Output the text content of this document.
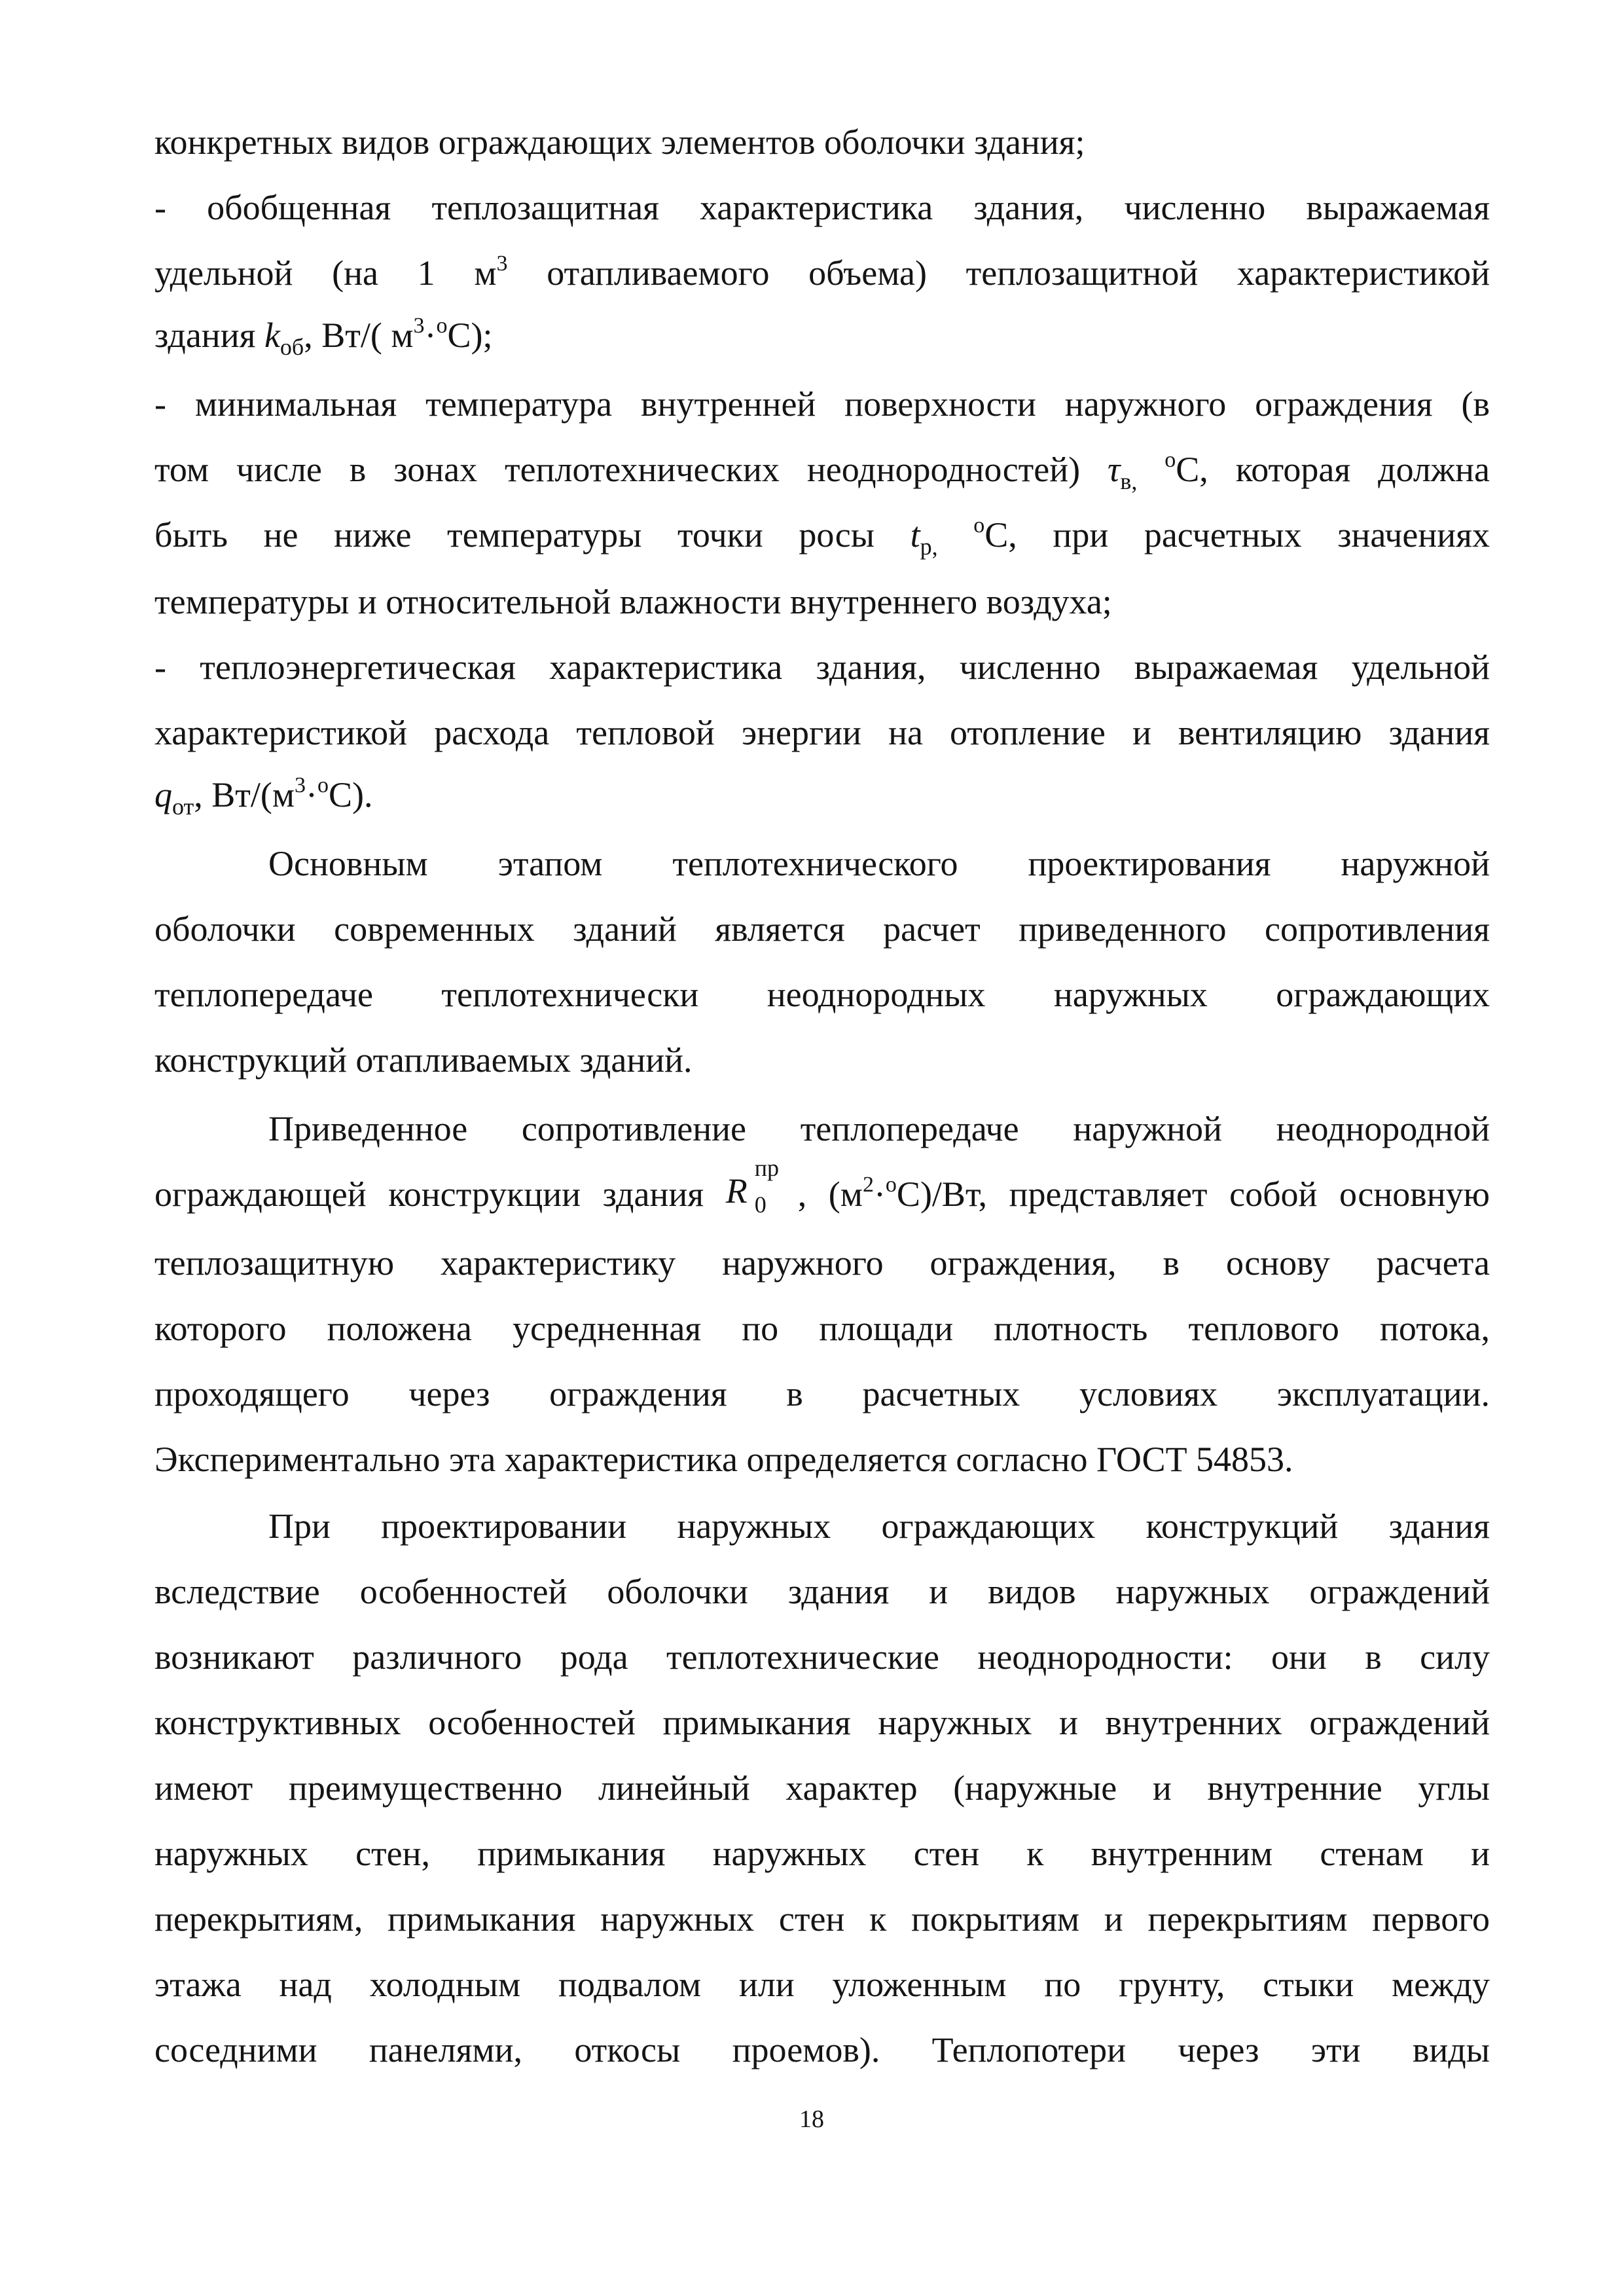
конкретных видов ограждающих элементов оболочки здания;
- обобщенная теплозащитная характеристика здания, численно выражаемая
удельной (на 1 $м^3$ отапливаемого объема) теплозащитной характеристикой
здания $k_{об}$, Вт/( $м^3\cdot^оС$);
- минимальная температура внутренней поверхности наружного ограждения (в
том числе в зонах теплотехнических неоднородностей) $\tau_{в,}$ $^о$С, которая должна
быть не ниже температуры точки росы $t_{р,}$ $^о$С, при расчетных значениях
температуры и относительной влажности внутреннего воздуха;
- теплоэнергетическая характеристика здания, численно выражаемая удельной
характеристикой расхода тепловой энергии на отопление и вентиляцию здания
$q_{от}$, $Вт/(м^3\cdot^оС)$.
Основным этапом теплотехнического проектирования наружной
оболочки современных зданий является расчет приведенного сопротивления
теплопередаче теплотехнически неоднородных наружных ограждающих
конструкций отапливаемых зданий.
Приведенное сопротивление теплопередаче наружной неоднородной
ограждающей конструкции здания R
пр
0 , $(м^2\cdot^оС)/Вт$, представляет собой основную
теплозащитную характеристику наружного ограждения, в основу расчета
которого положена усредненная по площади плотность теплового потока,
проходящего через ограждения в расчетных условиях эксплуатации.
Экспериментально эта характеристика определяется согласно ГОСТ 54853.
При проектировании наружных ограждающих конструкций здания
вследствие особенностей оболочки здания и видов наружных ограждений
возникают различного рода теплотехнические неоднородности: они в силу
конструктивных особенностей примыкания наружных и внутренних ограждений
имеют преимущественно линейный характер (наружные и внутренние углы
наружных стен, примыкания наружных стен к внутренним стенам и
перекрытиям, примыкания наружных стен к покрытиям и перекрытиям первого
этажа над холодным подвалом или уложенным по грунту, стыки между
соседними панелями, откосы проемов). Теплопотери через эти виды
18
